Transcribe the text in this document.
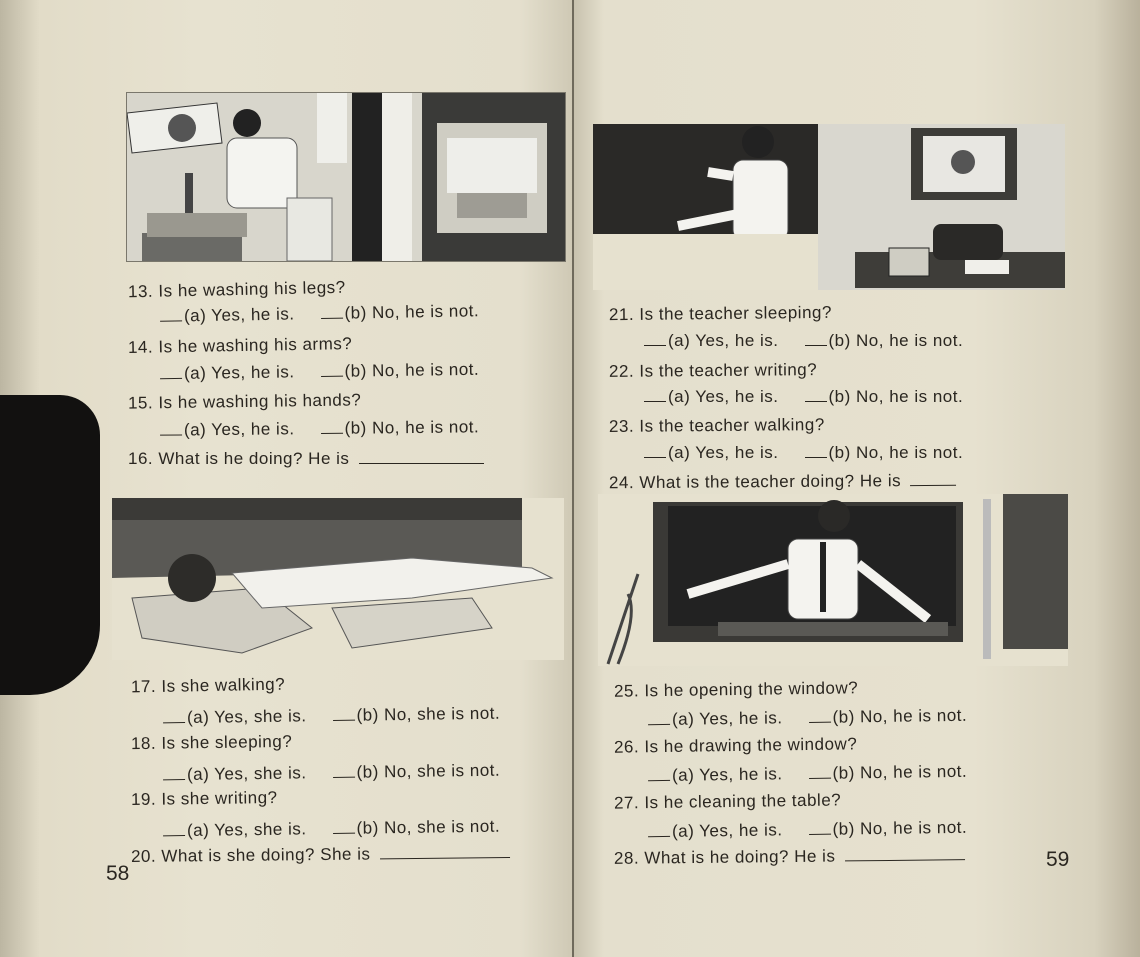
13. Is he washing his legs?
(a) Yes, he is.	(b) No, he is not.
14. Is he washing his arms?
(a) Yes, he is.	(b) No, he is not.
15. Is he washing his hands?
(a) Yes, he is.	(b) No, he is not.
16. What is he doing? He is
17. Is she walking?
(a) Yes, she is.	(b) No, she is not.
18. Is she sleeping?
(a) Yes, she is.	(b) No, she is not.
19. Is she writing?
(a) Yes, she is.	(b) No, she is not.
20. What is she doing? She is
58
21. Is the teacher sleeping?
(a) Yes, he is.	(b) No, he is not.
22. Is the teacher writing?
(a) Yes, he is.	(b) No, he is not.
23. Is the teacher walking?
(a) Yes, he is.	(b) No, he is not.
24. What is the teacher doing? He is
25. Is he opening the window?
(a) Yes, he is.	(b) No, he is not.
26. Is he drawing the window?
(a) Yes, he is.	(b) No, he is not.
27. Is he cleaning the table?
(a) Yes, he is.	(b) No, he is not.
28. What is he doing? He is	59
